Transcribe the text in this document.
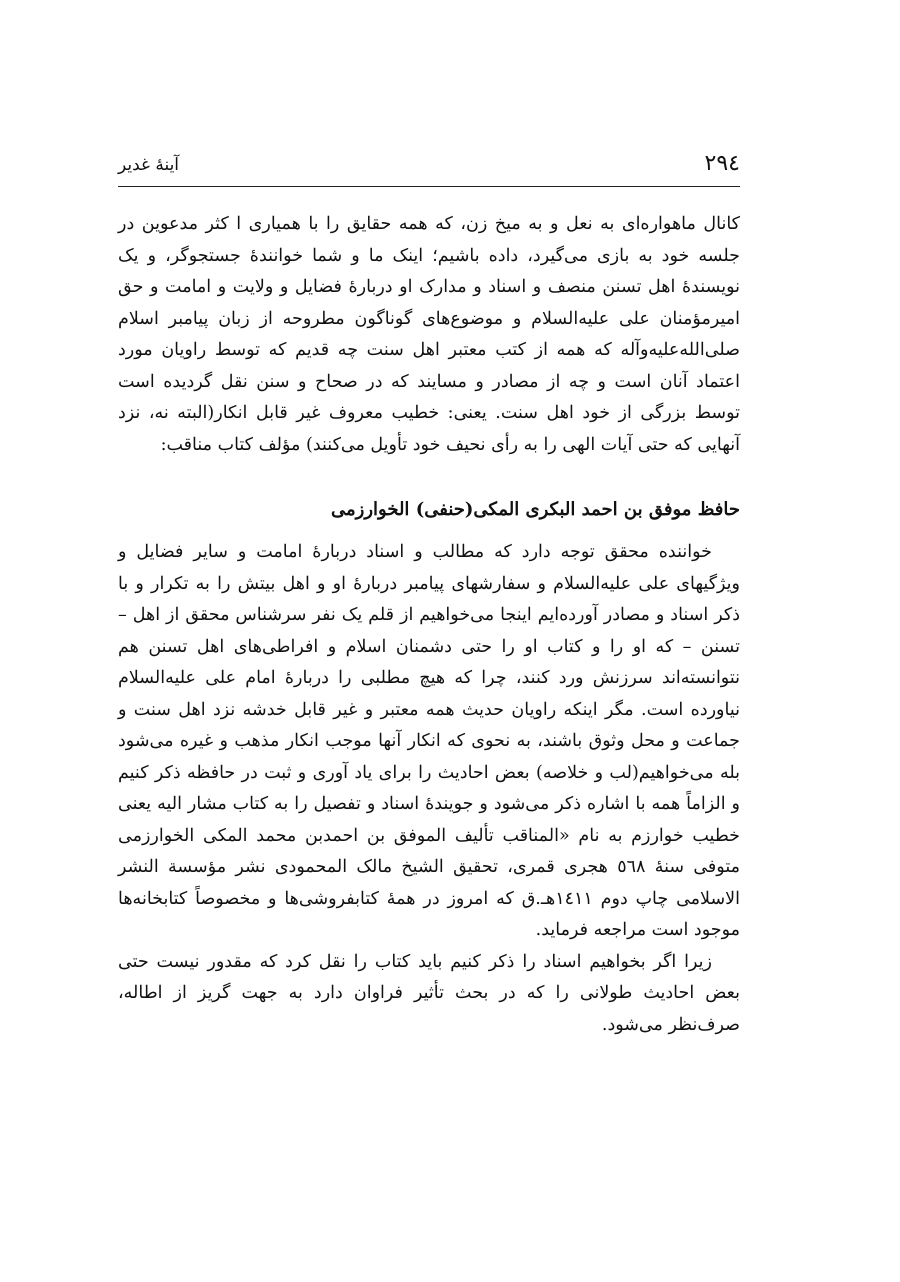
۲۹٤
آینهٔ غدیر

کانال ماهواره‌ای به نعل و به میخ زن، که همه حقایق را با همیاری ا کثر مدعوین در جلسه خود به بازی می‌گیرد، داده باشیم؛ اینک ما و شما خوانندهٔ جستجوگر، و یک نویسندهٔ اهل تسنن منصف و اسناد و مدارک او دربارهٔ فضایل و ولایت و امامت و حق امیرمؤمنان علی علیه‌السلام و موضوع‌های گوناگون مطروحه از زبان پیامبر اسلام صلی‌الله‌علیه‌وآله که همه از کتب معتبر اهل سنت چه قدیم که توسط راویان مورد اعتماد آنان است و چه از مصادر و مسایند که در صحاح و سنن نقل گردیده است توسط بزرگی از خود اهل سنت. یعنی: خطیب معروف غیر قابل انکار(البته نه، نزد آنهایی که حتی آیات الهی را به رأی نحیف خود تأویل می‌کنند) مؤلف کتاب مناقب:

حافظ موفق بن احمد البکری المکی(حنفی) الخوارزمی

خواننده محقق توجه دارد که مطالب و اسناد دربارهٔ امامت و سایر فضایل و ویژگیهای علی علیه‌السلام و سفارشهای پیامبر دربارهٔ او و اهل بیتش را به تکرار و با ذکر اسناد و مصادر آورده‌ایم اینجا می‌خواهیم از قلم یک نفر سرشناس محقق از اهل – تسنن – که او را و کتاب او را حتی دشمنان اسلام و افراطی‌های اهل تسنن هم نتوانسته‌اند سرزنش ورد کنند، چرا که هیچ مطلبی را دربارهٔ امام علی علیه‌السلام نیاورده است. مگر اینکه راویان حدیث همه معتبر و غیر قابل خدشه نزد اهل سنت و جماعت و محل وثوق باشند، به نحوی که انکار آنها موجب انکار مذهب و غیره می‌شود بله می‌خواهیم(لب و خلاصه) بعض احادیث را برای یاد آوری و ثبت در حافظه ذکر کنیم و الزاماً همه با اشاره ذکر می‌شود و جویندهٔ اسناد و تفصیل را به کتاب مشار الیه یعنی خطیب خوارزم به نام «المناقب تألیف الموفق بن احمدبن محمد المکی الخوارزمی متوفی سنهٔ ٥٦٨ هجری قمری، تحقیق الشیخ مالک المحمودی نشر مؤسسة النشر الاسلامی چاپ دوم ١٤١١هـ.ق که امروز در همهٔ کتابفروشی‌ها و مخصوصاً کتابخانه‌ها موجود است مراجعه فرماید.

زیرا اگر بخواهیم اسناد را ذکر کنیم باید کتاب را نقل کرد که مقدور نیست حتی بعض احادیث طولانی را که در بحث تأثیر فراوان دارد به جهت گریز از اطاله، صرف‌نظر می‌شود.
